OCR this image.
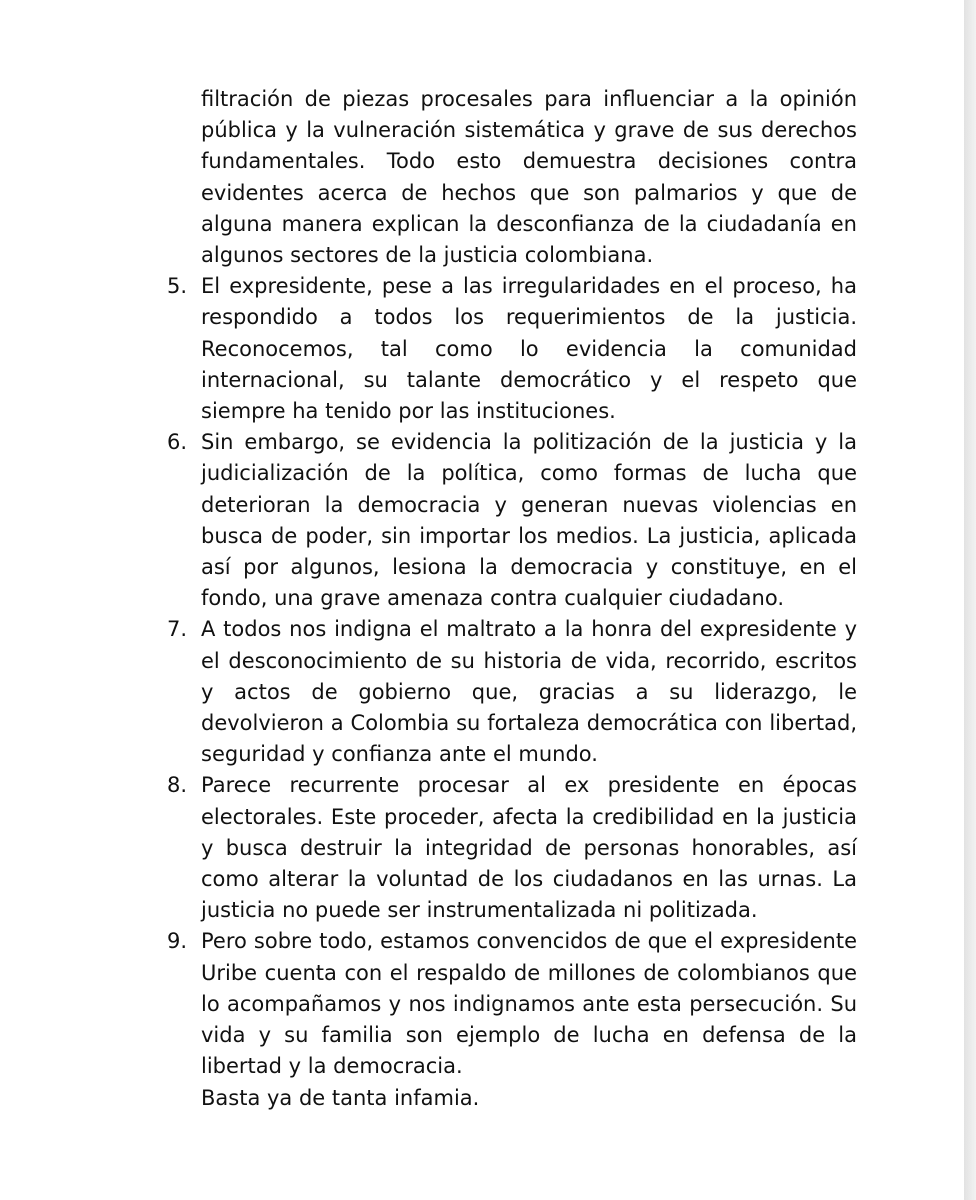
filtración de piezas procesales para influenciar a la opinión pública y la vulneración sistemática y grave de sus derechos fundamentales. Todo esto demuestra decisiones contra evidentes acerca de hechos que son palmarios y que de alguna manera explican la desconfianza de la ciudadanía en algunos sectores de la justicia colombiana.

5. El expresidente, pese a las irregularidades en el proceso, ha respondido a todos los requerimientos de la justicia. Reconocemos, tal como lo evidencia la comunidad internacional, su talante democrático y el respeto que siempre ha tenido por las instituciones.
6. Sin embargo, se evidencia la politización de la justicia y la judicialización de la política, como formas de lucha que deterioran la democracia y generan nuevas violencias en busca de poder, sin importar los medios. La justicia, aplicada así por algunos, lesiona la democracia y constituye, en el fondo, una grave amenaza contra cualquier ciudadano.
7. A todos nos indigna el maltrato a la honra del expresidente y el desconocimiento de su historia de vida, recorrido, escritos y actos de gobierno que, gracias a su liderazgo, le devolvieron a Colombia su fortaleza democrática con libertad, seguridad y confianza ante el mundo.
8. Parece recurrente procesar al ex presidente en épocas electorales. Este proceder, afecta la credibilidad en la justicia y busca destruir la integridad de personas honorables, así como alterar la voluntad de los ciudadanos en las urnas. La justicia no puede ser instrumentalizada ni politizada.
9. Pero sobre todo, estamos convencidos de que el expresidente Uribe cuenta con el respaldo de millones de colombianos que lo acompañamos y nos indignamos ante esta persecución. Su vida y su familia son ejemplo de lucha en defensa de la libertad y la democracia.

Basta ya de tanta infamia.
